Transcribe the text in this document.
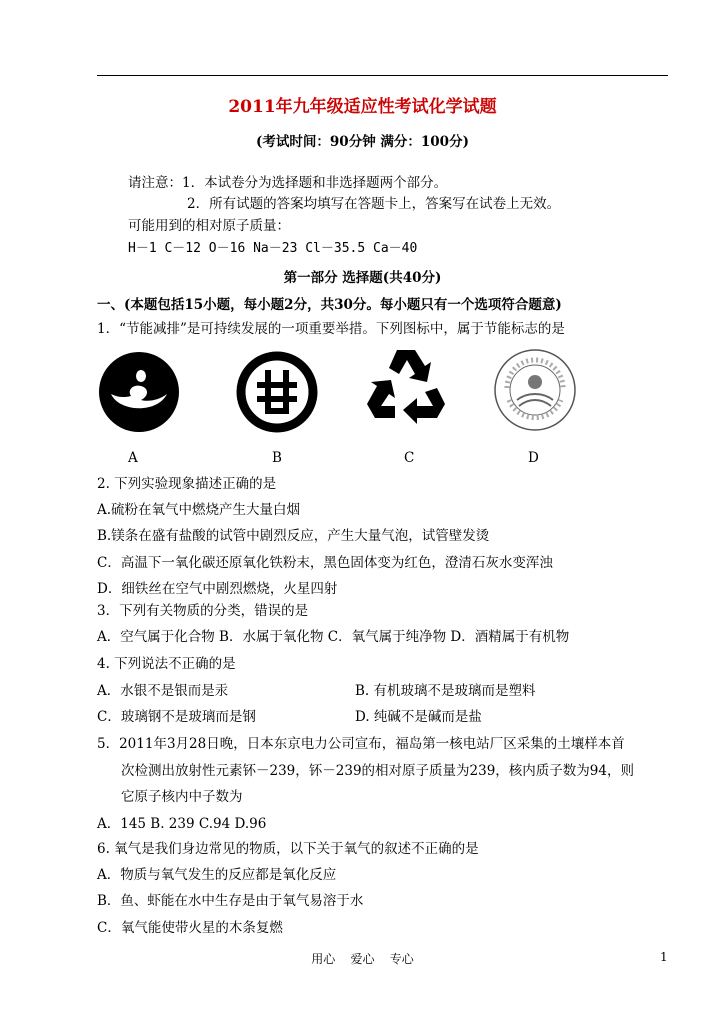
2011年九年级适应性考试化学试题
(考试时间：90分钟 满分：100分)
请注意：1．本试卷分为选择题和非选择题两个部分。
2．所有试题的答案均填写在答题卡上，答案写在试卷上无效。
可能用到的相对原子质量：
H－1 C－12 O－16 Na－23 Cl－35.5 Ca－40
第一部分 选择题(共40分)
一、(本题包括15小题，每小题2分，共30分。每小题只有一个选项符合题意)
1．“节能减排”是可持续发展的一项重要举措。下列图标中，属于节能标志的是
A	B	C	D
2. 下列实验现象描述正确的是
A.硫粉在氧气中燃烧产生大量白烟
B.镁条在盛有盐酸的试管中剧烈反应，产生大量气泡，试管壁发烫
C．高温下一氧化碳还原氧化铁粉末，黑色固体变为红色，澄清石灰水变浑浊
D．细铁丝在空气中剧烈燃烧，火星四射
3．下列有关物质的分类，错误的是
A．空气属于化合物 B．水属于氧化物 C．氧气属于纯净物 D．酒精属于有机物
4. 下列说法不正确的是
A．水银不是银而是汞	B. 有机玻璃不是玻璃而是塑料
C．玻璃钢不是玻璃而是钢	D. 纯碱不是碱而是盐
5．2011年3月28日晚，日本东京电力公司宣布，福岛第一核电站厂区采集的土壤样本首
次检测出放射性元素钚－239，钚－239的相对原子质量为239，核内质子数为94，则
它原子核内中子数为
A．145 B. 239 C.94 D.96
6. 氧气是我们身边常见的物质，以下关于氧气的叙述不正确的是
A．物质与氧气发生的反应都是氧化反应
B．鱼、虾能在水中生存是由于氧气易溶于水
C．氧气能使带火星的木条复燃
用心    爱心    专心	1
